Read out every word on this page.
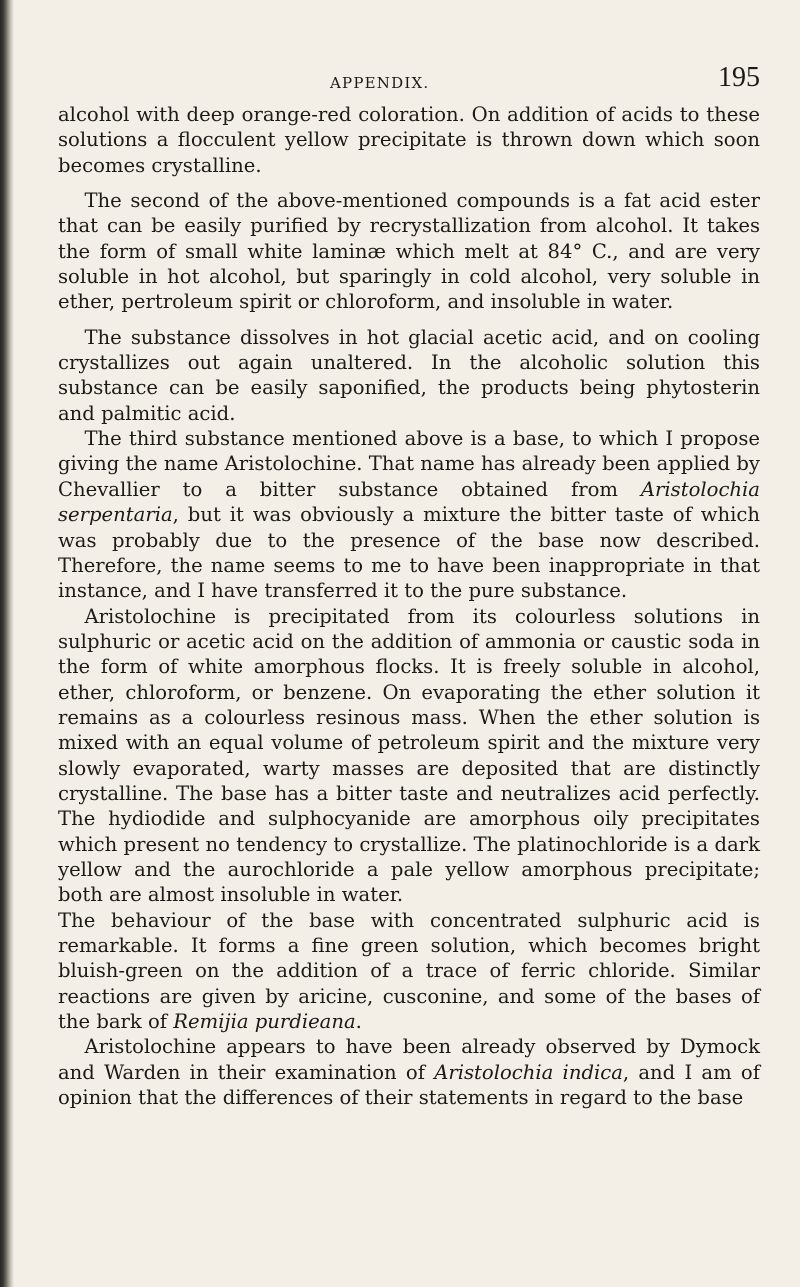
APPENDIX.	195

alcohol with deep orange-red coloration. On addition of acids to these solutions a flocculent yellow precipitate is thrown down which soon becomes crystalline.

The second of the above-mentioned compounds is a fat acid ester that can be easily purified by recrystallization from alcohol. It takes the form of small white laminæ which melt at 84° C., and are very soluble in hot alcohol, but sparingly in cold alcohol, very soluble in ether, pertroleum spirit or chloroform, and insoluble in water.

The substance dissolves in hot glacial acetic acid, and on cooling crystallizes out again unaltered. In the alcoholic solution this substance can be easily saponified, the products being phytosterin and palmitic acid.

The third substance mentioned above is a base, to which I propose giving the name Aristolochine. That name has already been applied by Chevallier to a bitter substance obtained from Aristolochia serpentaria, but it was obviously a mixture the bitter taste of which was probably due to the presence of the base now described. Therefore, the name seems to me to have been inappropriate in that instance, and I have transferred it to the pure substance.

Aristolochine is precipitated from its colourless solutions in sulphuric or acetic acid on the addition of ammonia or caustic soda in the form of white amorphous flocks. It is freely soluble in alcohol, ether, chloroform, or benzene. On evaporating the ether solution it remains as a colourless resinous mass. When the ether solution is mixed with an equal volume of petroleum spirit and the mixture very slowly evaporated, warty masses are deposited that are distinctly crystalline. The base has a bitter taste and neutralizes acid perfectly. The hydiodide and sulphocyanide are amorphous oily precipitates which present no tendency to crystallize. The platinochloride is a dark yellow and the aurochloride a pale yellow amorphous precipitate; both are almost insoluble in water.

The behaviour of the base with concentrated sulphuric acid is remarkable. It forms a fine green solution, which becomes bright bluish-green on the addition of a trace of ferric chloride. Similar reactions are given by aricine, cusconine, and some of the bases of the bark of Remijia purdieana.

Aristolochine appears to have been already observed by Dymock and Warden in their examination of Aristolochia indica, and I am of opinion that the differences of their statements in regard to the base
